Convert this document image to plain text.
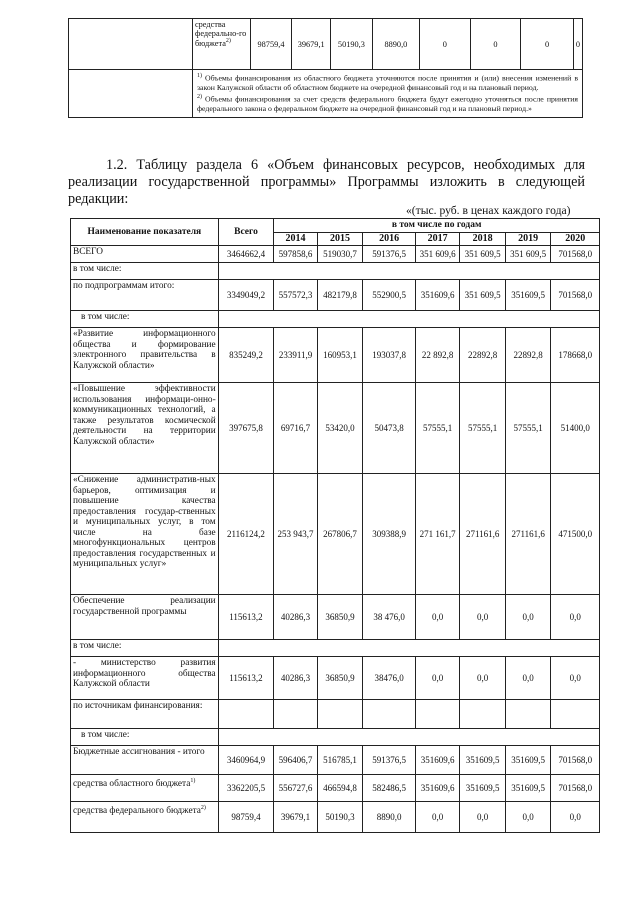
	средства федерально-го бюджета$^{2)}$	98759,4	39679,1	50190,3	8890,0	0	0	0	0

	$^{1)}$ Объемы финансирования из областного бюджета уточняются после принятия и (или) внесения изменений в закон Калужской области об областном бюджете на очередной финансовый год и на плановый период.

$^{2)}$ Объемы финансирования за счет средств федерального бюджета будут ежегодно уточняться после принятия федерального закона о федеральном бюджете на очередной финансовый год и на плановый период.»								

1.2. Таблицу раздела 6 «Объем финансовых ресурсов, необходимых для реализации государственной программы» Программы изложить в следующей редакции:
«(тыс. руб. в ценах каждого года)
Наименование показателя	Всего	в том числе по годам						
		2014	2015	2016	2017	2018	2019	2020
ВСЕГО	3464662,4	597858,6	519030,7	591376,5	351 609,6	351 609,5	351 609,5	701568,0
в том числе:								
по подпрограммам итого:	3349049,2	557572,3	482179,8	552900,5	351609,6	351 609,5	351609,5	701568,0
в том числе:								
«Развитие информационного общества и формирование электронного правительства в Калужской области»	835249,2	233911,9	160953,1	193037,8	22 892,8	22892,8	22892,8	178668,0
«Повышение эффективности использования информаци-онно-коммуникационных технологий, а также результатов космической деятельности на территории Калужской области»	397675,8	69716,7	53420,0	50473,8	57555,1	57555,1	57555,1	51400,0
«Снижение административ-ных барьеров, оптимизация и повышение качества предоставления государ-ственных и муниципальных услуг, в том числе на базе многофункциональных центров предоставления государственных и муниципальных услуг»	2116124,2	253 943,7	267806,7	309388,9	271 161,7	271161,6	271161,6	471500,0
Обеспечение реализации государственной программы	115613,2	40286,3	36850,9	38 476,0	0,0	0,0	0,0	0,0
в том числе:								
- министерство развития информационного общества Калужской области	115613,2	40286,3	36850,9	38476,0	0,0	0,0	0,0	0,0
по источникам финансирования:								
в том числе:								
Бюджетные ассигнования - итого	3460964,9	596406,7	516785,1	591376,5	351609,6	351609,5	351609,5	701568,0
средства областного бюджета$^{1)}$	3362205,5	556727,6	466594,8	582486,5	351609,6	351609,5	351609,5	701568,0
средства федерального бюджета$^{2)}$	98759,4	39679,1	50190,3	8890,0	0,0	0,0	0,0	0,0
